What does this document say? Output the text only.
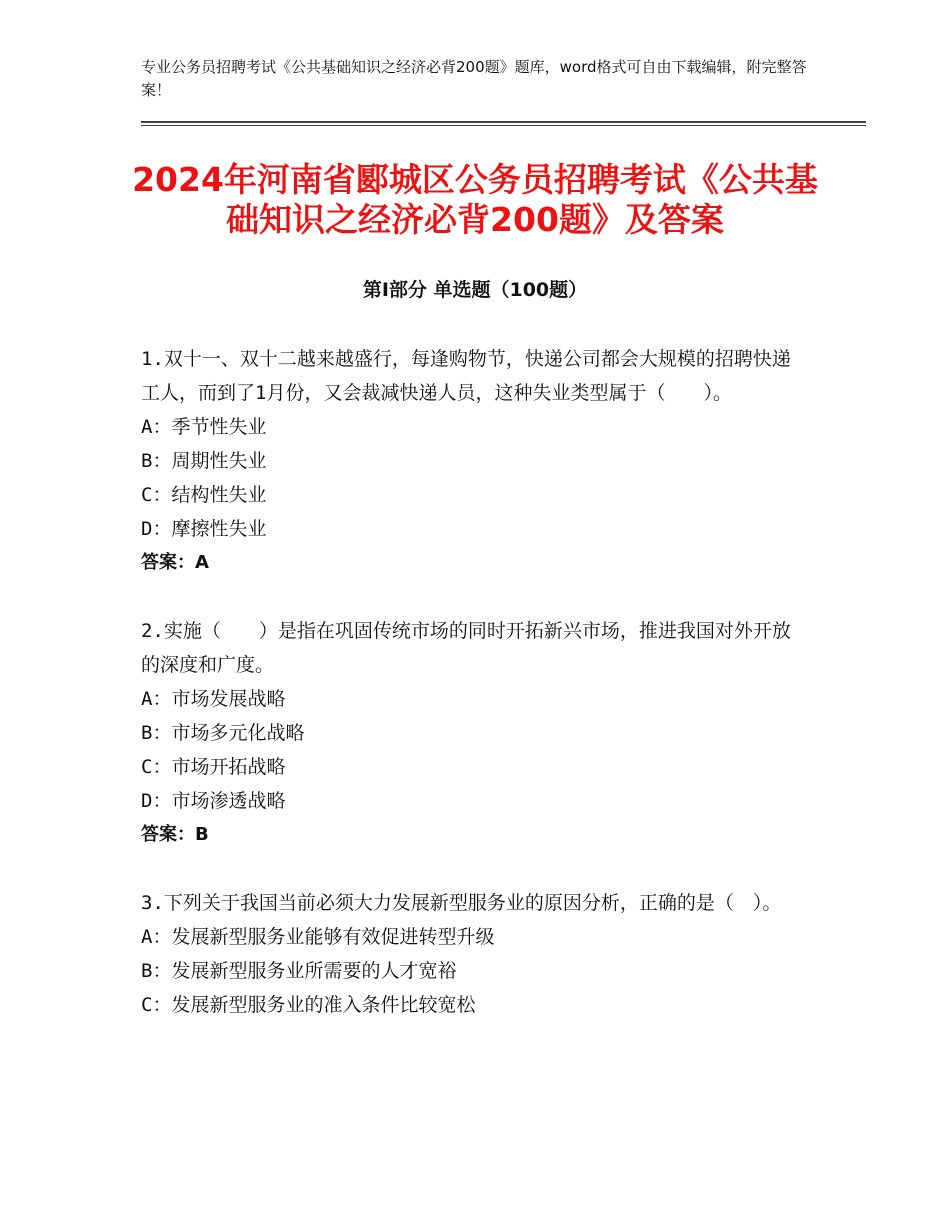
专业公务员招聘考试《公共基础知识之经济必背200题》题库，word格式可自由下载编辑，附完整答案！
2024年河南省郾城区公务员招聘考试《公共基础知识之经济必背200题》及答案
第Ⅰ部分 单选题（100题）

1.双十一、双十二越来越盛行，每逢购物节，快递公司都会大规模的招聘快递工人，而到了1月份，又会裁减快递人员，这种失业类型属于（　　）。

A：季节性失业

B：周期性失业

C：结构性失业

D：摩擦性失业

答案：A

2.实施（　　）是指在巩固传统市场的同时开拓新兴市场，推进我国对外开放的深度和广度。

A：市场发展战略

B：市场多元化战略

C：市场开拓战略

D：市场渗透战略

答案：B

3.下列关于我国当前必须大力发展新型服务业的原因分析，正确的是（　）。

A：发展新型服务业能够有效促进转型升级

B：发展新型服务业所需要的人才宽裕

C：发展新型服务业的准入条件比较宽松
